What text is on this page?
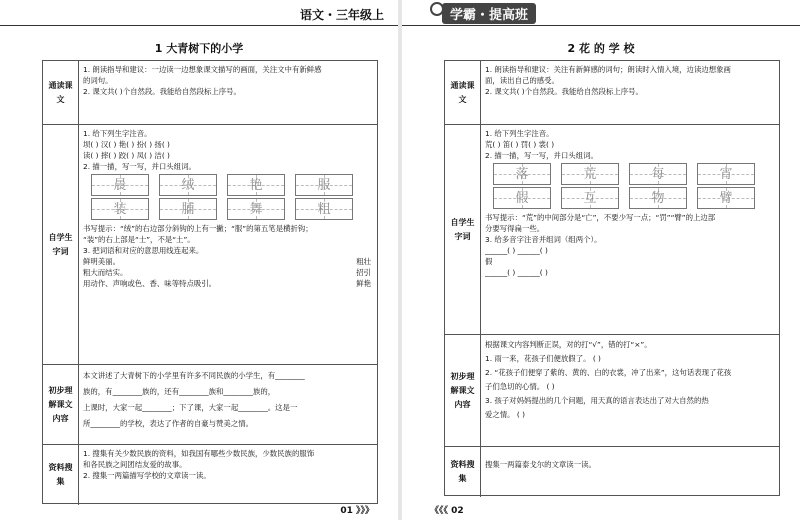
语文・三年级上
1 大青树下的小学
通读课文
1. 朗读指导和建议：一边读一边想象课文描写的画面，关注文中有新鲜感
的词句。
2. 课文共( )个自然段。我能给自然段标上序号。
自学生字词
1. 给下列生字注音。
坝( ) 汉( ) 艳( ) 扮( ) 扬( )
读( ) 摔( ) 跤( ) 凤( ) 洁( )
2. 描一描，写一写，并口头组词。
晨	绒	艳	服
装	脯	舞	粗
书写提示：“绒”的右边部分斜钩的上有一撇；“服”的第五笔是横折钩；
“装”的右上部是“士”，不是“土”。
3. 把词语和对应的意思用线连起来。
鲜明美丽。	粗壮
粗大而结实。	招引
用动作、声响或色、香、味等特点吸引。	鲜艳
初步理解课文内容
本文讲述了大青树下的小学里有许多不同民族的小学生，有________
族的，有________族的，还有________族和________族的，
上课时，大家一起________；下了课，大家一起________。这是一
所________的学校，表达了作者的自豪与赞美之情。
资料搜集
1. 搜集有关少数民族的资料，如我国有哪些少数民族，少数民族的服饰
和各民族之间团结友爱的故事。
2. 搜集一两篇描写学校的文章读一读。
01 》》》
学霸・提高班
2 花 的 学 校
通读课文
1. 朗读指导和建议：关注有新鲜感的词句；朗读时入情入境，边读边想象画
面，读出自己的感受。
2. 课文共( )个自然段。我能给自然段标上序号。
自学生字词
1. 给下列生字注音。
荒( ) 笛( ) 罚( ) 裳( )
2. 描一描，写一写，并口头组词。
落	荒	每	宵
假	互	物	臂
书写提示：“荒”的中间部分是“亡”，不要少写一点；“罚”“臂”的上边部
分要写得扁一些。
3. 给多音字注音并组词（组两个）。
______( ) ______( )
假
______( ) ______( )
初步理解课文内容
根据课文内容判断正误，对的打“√”，错的打“×”。
1. 雨一来，花孩子们便放假了。 ( )
2. “花孩子们便穿了紫的、黄的、白的衣裳，冲了出来”，这句话表现了花孩
子们急切的心情。 ( )
3. 孩子对妈妈提出的几个问题，用天真的语言表达出了对大自然的热
爱之情。 ( )
资料搜集
搜集一两篇泰戈尔的文章读一读。
《《《 02
